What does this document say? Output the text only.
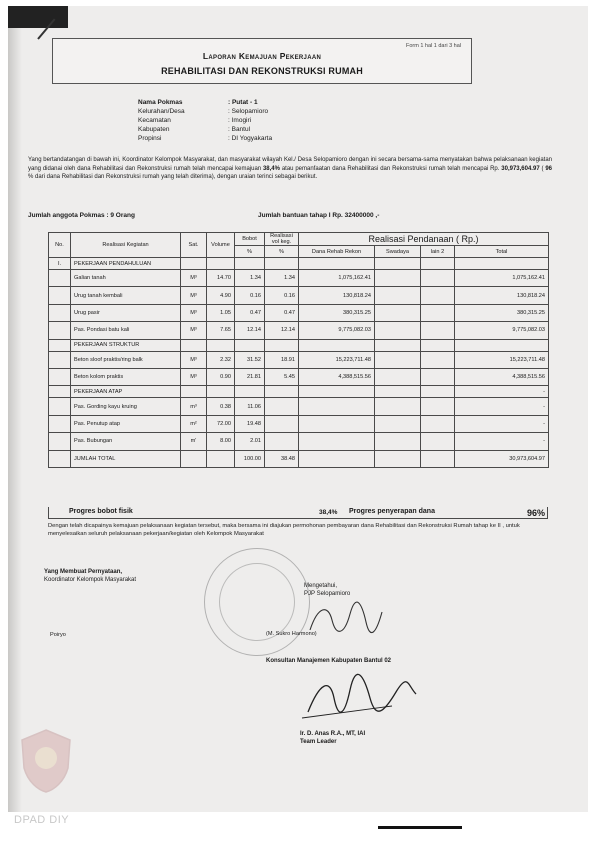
Form 1 hal 1 dari 3 hal
Laporan Kemajuan Pekerjaan
REHABILITASI DAN REKONSTRUKSI RUMAH
Nama Pokmas	: Putat - 1
Kelurahan/Desa	: Selopamioro
Kecamatan	: Imogiri
Kabupaten	: Bantul
Propinsi	: DI Yogyakarta
Yang bertandatangan di bawah ini, Koordinator Kelompok Masyarakat, dan masyarakat wilayah Kel./ Desa Selopamioro dengan ini secara bersama-sama menyatakan bahwa pelaksanaan kegiatan yang didanai oleh dana Rehabilitasi dan Rekonstruksi rumah telah mencapai kemajuan 38,4% atau pemanfaatan dana Rehabilitasi dan Rekonstruksi rumah telah mencapai Rp. 30,973,604.97 ( 96 % dari dana Rehabilitasi dan Rekonstruksi rumah yang telah diterima), dengan uraian terinci sebagai berikut.
Jumlah anggota Pokmas : 9 Orang	Jumlah bantuan tahap I Rp. 32400000 ,-
No.	Realisasi Kegiatan	Sat.	Volume	Bobot	Realisasi vol keg.	Realisasi Pendanaan ( Rp.)			
				%	%	Dana Rehab Rekon	Swadaya	lain 2	Total
I.	PEKERJAAN PENDAHULUAN								
	Galian tanah	M³	14.70	1.34	1.34	1,075,162.41			1,075,162.41
	Urug tanah kembali	M³	4.90	0.16	0.16	130,818.24			130,818.24
	Urug pasir	M³	1.05	0.47	0.47	380,315.25			380,315.25
	Pas. Pondasi batu kali	M³	7.65	12.14	12.14	9,775,082.03			9,775,082.03
	PEKERJAAN STRUKTUR								
	Beton sloof praktis/ring balk	M³	2.32	31.52	18.91	15,223,711.48			15,223,711.48
	Beton kolom praktis	M³	0.90	21.81	5.45	4,388,515.56			4,388,515.56
	PEKERJAAN ATAP								-
	Pas. Gording kayu kruing	m³	0.38	11.06					-
	Pas. Penutup atap	m²	72.00	19.48					-
	Pas. Bubungan	m'	8.00	2.01					-
	JUMLAH TOTAL			100.00	38.48				30,973,604.97
Progres bobot fisik	38,4% Progres penyerapan dana	96%
Dengan telah dicapainya kemajuan pelaksanaan kegiatan tersebut, maka bersama ini diajukan permohonan pembayaran dana Rehabilitasi dan Rekonstruksi Rumah tahap ke II , untuk menyelesaikan seluruh pelaksanaan pekerjaan/kegiatan oleh Kelompok Masyarakat
Yang Membuat Pernyataan,
Koordinator Kelompok Masyarakat
Poiryo
Mengetahui,
PJP Selopamioro
(M. Sukro Harmono)
Konsultan Manajemen Kabupaten Bantul 02
Ir. D. Anas R.A., MT, IAI
Team Leader
DPAD DIY
